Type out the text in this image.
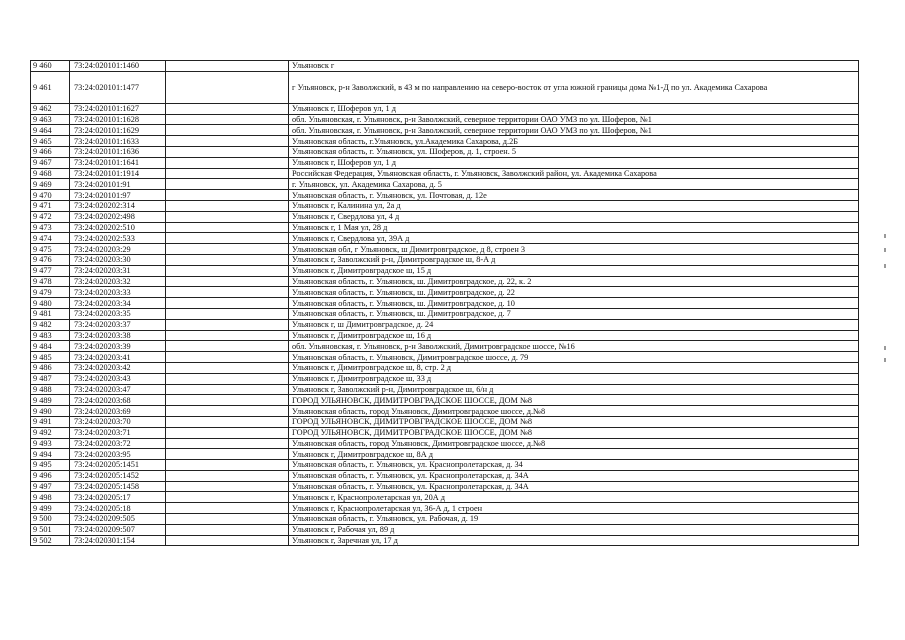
9 460	73:24:020101:1460		Ульяновск г
9 461	73:24:020101:1477		г Ульяновск, р-н Заволжский, в 43 м по направлению на северо-восток от угла южной границы дома №1-Д по ул. Академика Сахарова
9 462	73:24:020101:1627		Ульяновск г, Шоферов ул, 1 д
9 463	73:24:020101:1628		обл. Ульяновская, г. Ульяновск, р-н Заволжский, северное территории ОАО УМЗ по ул. Шоферов, №1
9 464	73:24:020101:1629		обл. Ульяновская, г. Ульяновск, р-н Заволжский, северное территории ОАО УМЗ по ул. Шоферов, №1
9 465	73:24:020101:1633		Ульяновская область, г.Ульяновск, ул.Академика Сахарова, д.2Б
9 466	73:24:020101:1636		Ульяновская область, г. Ульяновск, ул. Шоферов, д. 1, строен. 5
9 467	73:24:020101:1641		Ульяновск г, Шоферов ул, 1 д
9 468	73:24:020101:1914		Российская Федерация, Ульяновская область, г. Ульяновск, Заволжский район, ул. Академика Сахарова
9 469	73:24:020101:91		г. Ульяновск, ул. Академика Сахарова, д. 5
9 470	73:24:020101:97		Ульяновская область, г. Ульяновск, ул. Почтовая, д. 12е
9 471	73:24:020202:314		Ульяновск г, Калинина ул, 2а д
9 472	73:24:020202:498		Ульяновск г, Свердлова ул, 4 д
9 473	73:24:020202:510		Ульяновск г, 1 Мая ул, 28 д
9 474	73:24:020202:533		Ульяновск г, Свердлова ул, 39А д
9 475	73:24:020203:29		Ульяновская обл, г Ульяновск, ш Димитровградское, д 8, строен 3
9 476	73:24:020203:30		Ульяновск г, Заволжский р-н, Димитровградское ш, 8-А д
9 477	73:24:020203:31		Ульяновск г, Димитровградское ш, 15 д
9 478	73:24:020203:32		Ульяновская область, г. Ульяновск, ш. Димитровградское, д. 22, к. 2
9 479	73:24:020203:33		Ульяновская область, г. Ульяновск, ш. Димитровградское, д. 22
9 480	73:24:020203:34		Ульяновская область, г. Ульяновск, ш. Димитровградское, д. 10
9 481	73:24:020203:35		Ульяновская область, г. Ульяновск, ш. Димитровградское, д. 7
9 482	73:24:020203:37		Ульяновск г, ш Димитровградское, д. 24
9 483	73:24:020203:38		Ульяновск г, Димитровградское ш, 16 д
9 484	73:24:020203:39		обл. Ульяновская, г. Ульяновск, р-н Заволжский, Димитровградское шоссе, №16
9 485	73:24:020203:41		Ульяновская область, г. Ульяновск, Димитровградское шоссе, д. 79
9 486	73:24:020203:42		Ульяновск г, Димитровградское ш, 8, стр. 2 д
9 487	73:24:020203:43		Ульяновск г, Димитровградское ш, 33 д
9 488	73:24:020203:47		Ульяновск г, Заволжский р-н, Димитровградское ш, 6/н д
9 489	73:24:020203:68		ГОРОД УЛЬЯНОВСК, ДИМИТРОВГРАДСКОЕ ШОССЕ, ДОМ №8
9 490	73:24:020203:69		Ульяновская область, город Ульяновск, Димитровградское шоссе, д.№8
9 491	73:24:020203:70		ГОРОД УЛЬЯНОВСК, ДИМИТРОВГРАДСКОЕ ШОССЕ, ДОМ №8
9 492	73:24:020203:71		ГОРОД УЛЬЯНОВСК, ДИМИТРОВГРАДСКОЕ ШОССЕ, ДОМ №8
9 493	73:24:020203:72		Ульяновская область, город Ульяновск, Димитровградское шоссе, д.№8
9 494	73:24:020203:95		Ульяновск г, Димитровградское ш, 8А д
9 495	73:24:020205:1451		Ульяновская область, г. Ульяновск, ул. Краснопролетарская, д. 34
9 496	73:24:020205:1452		Ульяновская область, г. Ульяновск, ул. Краснопролетарская, д. 34А
9 497	73:24:020205:1458		Ульяновская область, г. Ульяновск, ул. Краснопролетарская, д. 34А
9 498	73:24:020205:17		Ульяновск г, Краснопролетарская ул, 20А д
9 499	73:24:020205:18		Ульяновск г, Краснопролетарская ул, 36-А д, 1 строен
9 500	73:24:020209:505		Ульяновская область, г. Ульяновск, ул. Рабочая, д. 19
9 501	73:24:020209:507		Ульяновск г, Рабочая ул, 89 д
9 502	73:24:020301:154		Ульяновск г, Заречная ул, 17 д
